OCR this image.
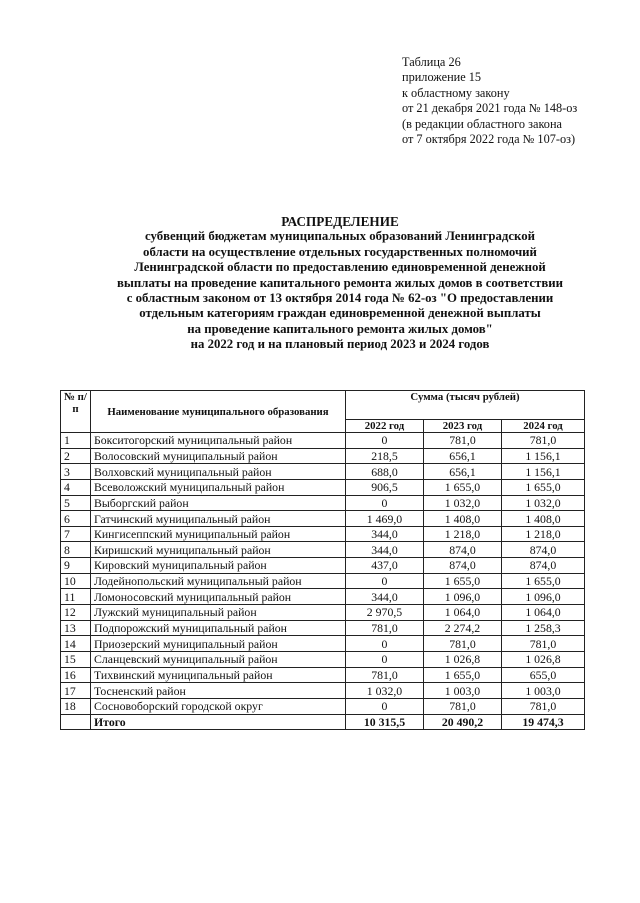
Таблица 26
приложение 15
к областному закону
от 21 декабря 2021 года № 148-оз
(в редакции областного закона
от 7 октября 2022 года № 107-оз)
РАСПРЕДЕЛЕНИЕ
субвенций бюджетам муниципальных образований Ленинградской
области на осуществление отдельных государственных полномочий
Ленинградской области по предоставлению единовременной денежной
выплаты на проведение капитального ремонта жилых домов в соответствии
с областным законом от 13 октября 2014 года № 62-оз "О предоставлении
отдельным категориям граждан единовременной денежной выплаты
на проведение капитального ремонта жилых домов"
на 2022 год и на плановый период 2023 и 2024 годов
№ п/п	Наименование муниципального образования	Сумма (тысяч рублей)		
		2022 год	2023 год	2024 год
1	Бокситогорский муниципальный район	0	781,0	781,0
2	Волосовский муниципальный район	218,5	656,1	1 156,1
3	Волховский муниципальный район	688,0	656,1	1 156,1
4	Всеволожский муниципальный район	906,5	1 655,0	1 655,0
5	Выборгский район	0	1 032,0	1 032,0
6	Гатчинский муниципальный район	1 469,0	1 408,0	1 408,0
7	Кингисеппский муниципальный район	344,0	1 218,0	1 218,0
8	Киришский муниципальный район	344,0	874,0	874,0
9	Кировский муниципальный район	437,0	874,0	874,0
10	Лодейнопольский муниципальный район	0	1 655,0	1 655,0
11	Ломоносовский муниципальный район	344,0	1 096,0	1 096,0
12	Лужский муниципальный район	2 970,5	1 064,0	1 064,0
13	Подпорожский муниципальный район	781,0	2 274,2	1 258,3
14	Приозерский муниципальный район	0	781,0	781,0
15	Сланцевский муниципальный район	0	1 026,8	1 026,8
16	Тихвинский муниципальный район	781,0	1 655,0	655,0
17	Тосненский район	1 032,0	1 003,0	1 003,0
18	Сосновоборский городской округ	0	781,0	781,0
	Итого	10 315,5	20 490,2	19 474,3
